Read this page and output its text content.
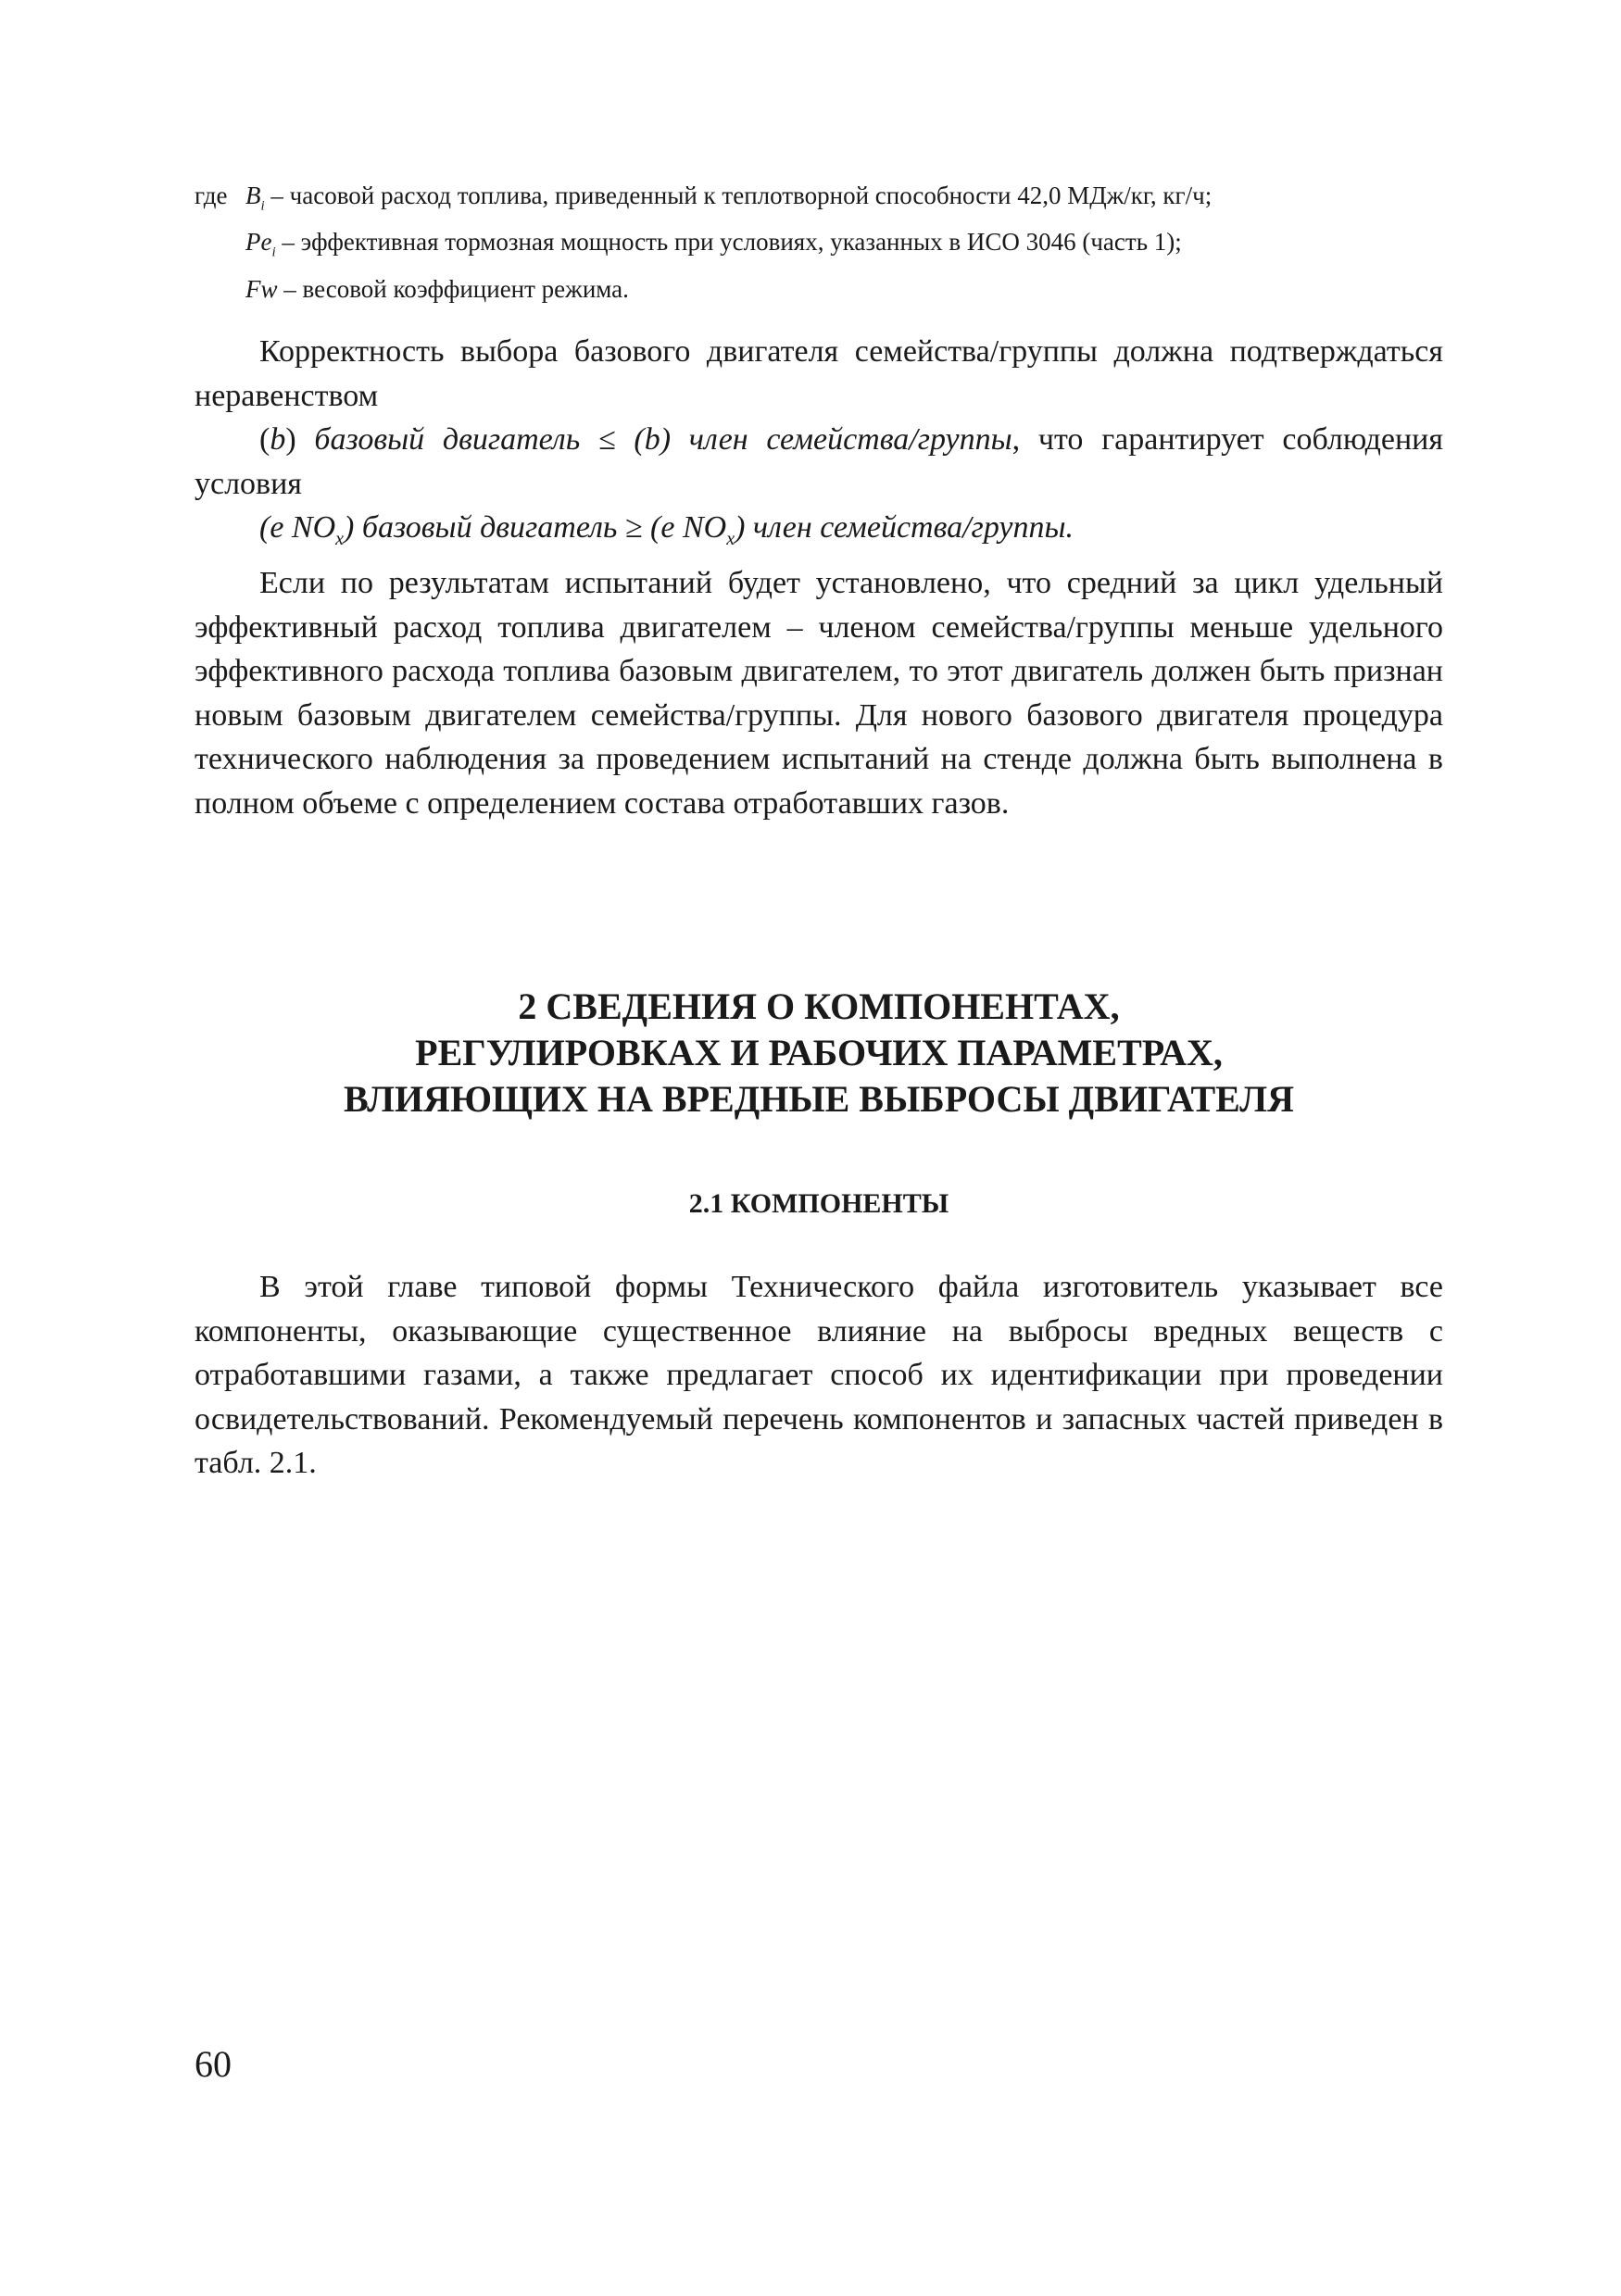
где $B_i$ – часовой расход топлива, приведенный к теплотворной способности 42,0 МДж/кг, кг/ч;
$Pe_i$ – эффективная тормозная мощность при условиях, указанных в ИСО 3046 (часть 1);
Fw – весовой коэффициент режима.

Корректность выбора базового двигателя семейства/группы должна подтверждаться неравенством

(b) базовый двигатель ≤ (b) член семейства/группы, что гарантирует соблюдения условия

(e $NO_x$) базовый двигатель ≥ (e $NO_x$) член семейства/группы.

Если по результатам испытаний будет установлено, что средний за цикл удельный эффективный расход топлива двигателем – членом семейства/группы меньше удельного эффективного расхода топлива базовым двигателем, то этот двигатель должен быть признан новым базовым двигателем семейства/группы. Для нового базового двигателя процедура технического наблюдения за проведением испытаний на стенде должна быть выполнена в полном объеме с определением состава отработавших газов.

2 СВЕДЕНИЯ О КОМПОНЕНТАХ,
РЕГУЛИРОВКАХ И РАБОЧИХ ПАРАМЕТРАХ,
ВЛИЯЮЩИХ НА ВРЕДНЫЕ ВЫБРОСЫ ДВИГАТЕЛЯ
2.1 КОМПОНЕНТЫ

В этой главе типовой формы Технического файла изготовитель указывает все компоненты, оказывающие существенное влияние на выбросы вредных веществ с отработавшими газами, а также предлагает способ их идентификации при проведении освидетельствований. Рекомендуемый перечень компонентов и запасных частей приведен в табл. 2.1.

60
